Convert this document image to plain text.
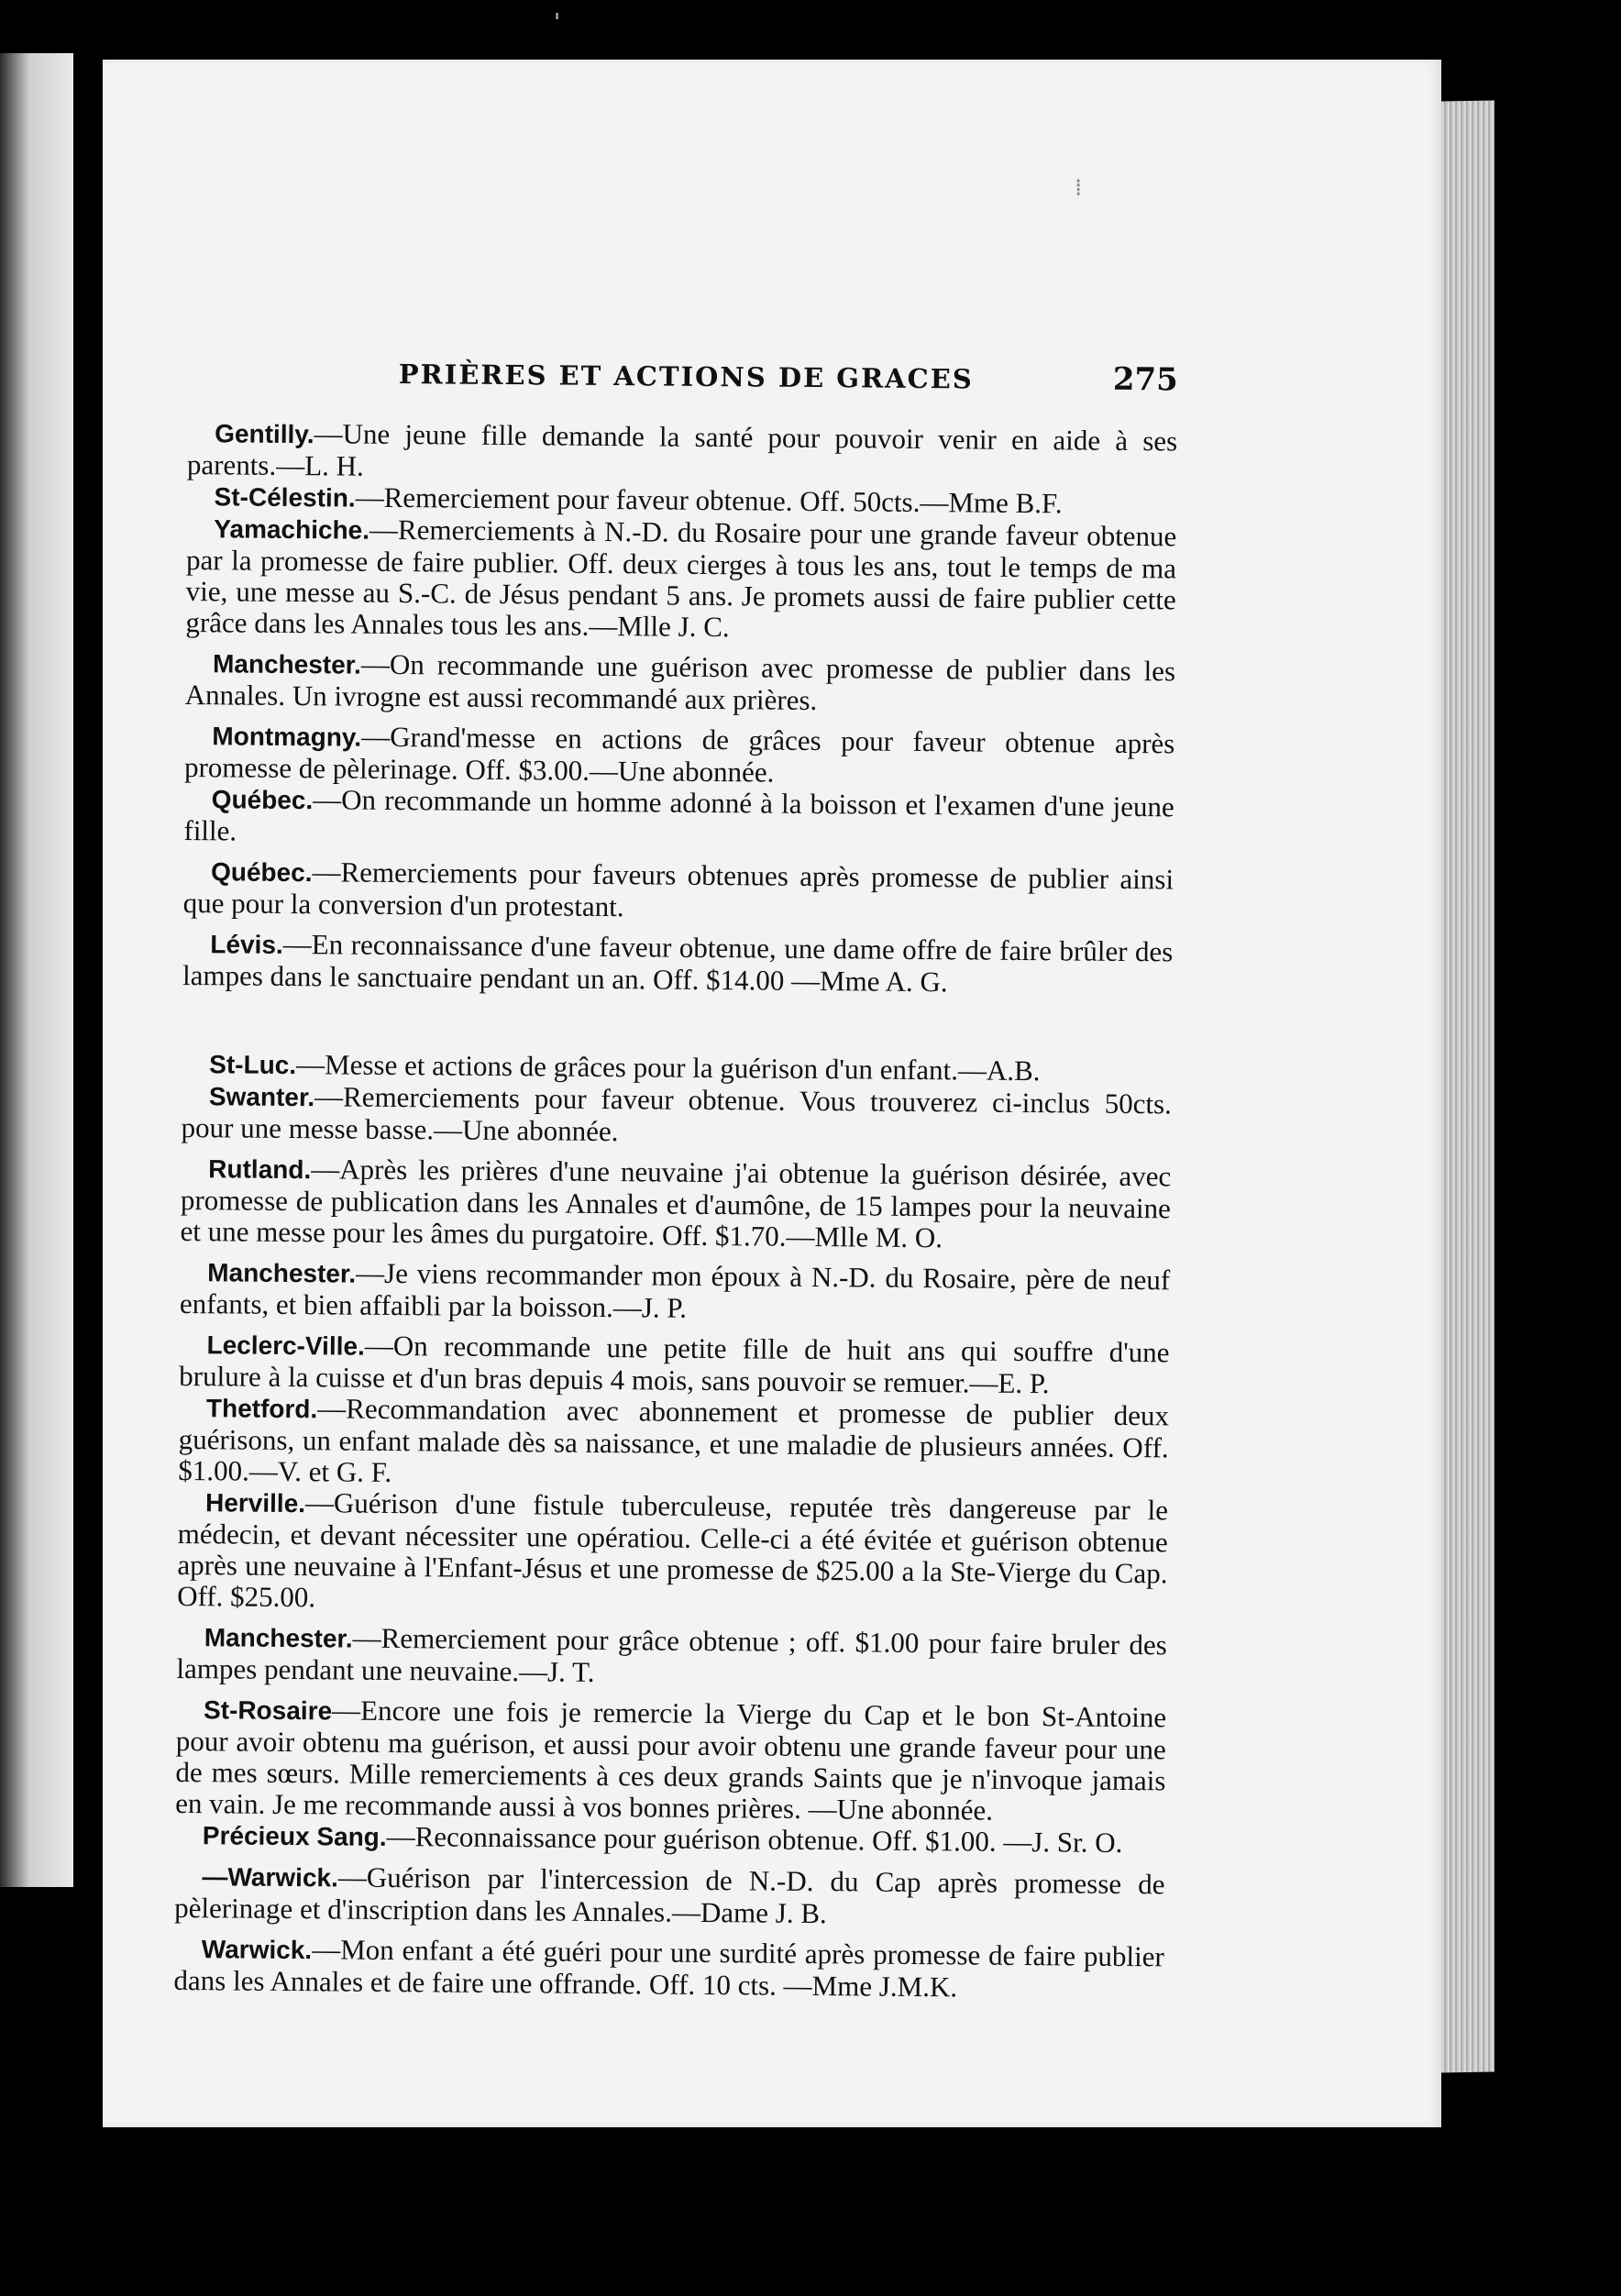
'
⁞
PRIÈRES ET ACTIONS DE GRACES	275

Gentilly.—Une jeune fille demande la santé pour pouvoir venir en aide à ses parents.—L. H.

St-Célestin.—Remerciement pour faveur obtenue. Off. 50cts.—Mme B.F.

Yamachiche.—Remerciements à N.-D. du Rosaire pour une grande faveur obtenue par la promesse de faire publier. Off. deux cierges à tous les ans, tout le temps de ma vie, une messe au S.-C. de Jésus pendant 5 ans. Je promets aussi de faire publier cette grâce dans les Annales tous les ans.—Mlle J. C.

Manchester.—On recommande une guérison avec promesse de publier dans les Annales. Un ivrogne est aussi recommandé aux prières.

Montmagny.—Grand'messe en actions de grâces pour faveur obtenue après promesse de pèlerinage. Off. $3.00.—Une abonnée.

Québec.—On recommande un homme adonné à la boisson et l'examen d'une jeune fille.

Québec.—Remerciements pour faveurs obtenues après promesse de publier ainsi que pour la conversion d'un protestant.

Lévis.—En reconnaissance d'une faveur obtenue, une dame offre de faire brûler des lampes dans le sanctuaire pendant un an. Off. $14.00 —Mme A. G.

St-Luc.—Messe et actions de grâces pour la guérison d'un enfant.—A.B.

Swanter.—Remerciements pour faveur obtenue. Vous trouverez ci-inclus 50cts. pour une messe basse.—Une abonnée.

Rutland.—Après les prières d'une neuvaine j'ai obtenue la guérison désirée, avec promesse de publication dans les Annales et d'aumône, de 15 lampes pour la neuvaine et une messe pour les âmes du purgatoire. Off. $1.70.—Mlle M. O.

Manchester.—Je viens recommander mon époux à N.-D. du Rosaire, père de neuf enfants, et bien affaibli par la boisson.—J. P.

Leclerc-Ville.—On recommande une petite fille de huit ans qui souffre d'une brulure à la cuisse et d'un bras depuis 4 mois, sans pouvoir se remuer.—E. P.

Thetford.—Recommandation avec abonnement et promesse de publier deux guérisons, un enfant malade dès sa naissance, et une maladie de plusieurs années. Off. $1.00.—V. et G. F.

Herville.—Guérison d'une fistule tuberculeuse, reputée très dangereuse par le médecin, et devant nécessiter une opératiou. Celle-ci a été évitée et guérison obtenue après une neuvaine à l'Enfant-Jésus et une promesse de $25.00 a la Ste-Vierge du Cap. Off. $25.00.

Manchester.—Remerciement pour grâce obtenue ; off. $1.00 pour faire bruler des lampes pendant une neuvaine.—J. T.

St-Rosaire—Encore une fois je remercie la Vierge du Cap et le bon St-Antoine pour avoir obtenu ma guérison, et aussi pour avoir obtenu une grande faveur pour une de mes sœurs. Mille remerciements à ces deux grands Saints que je n'invoque jamais en vain. Je me recommande aussi à vos bonnes prières. —Une abonnée.

Précieux Sang.—Reconnaissance pour guérison obtenue. Off. $1.00. —J. Sr. O.

—Warwick.—Guérison par l'intercession de N.-D. du Cap après promesse de pèlerinage et d'inscription dans les Annales.—Dame J. B.

Warwick.—Mon enfant a été guéri pour une surdité après promesse de faire publier dans les Annales et de faire une offrande. Off. 10 cts. —Mme J.M.K.
